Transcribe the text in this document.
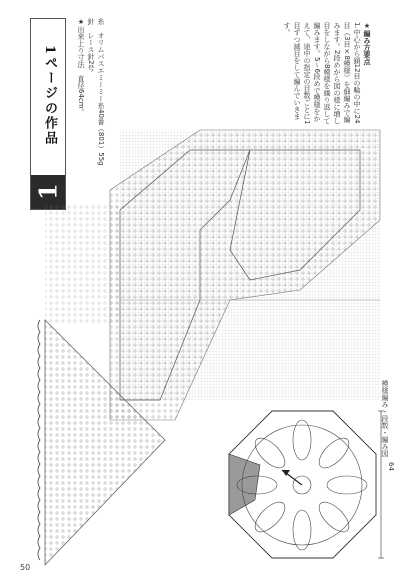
1ページの作品
1
糸　オリムパスエミーミー糸40番（801）55g
針　レース針2号
★出来上り寸法　直径64cm。	★編み方要点
1.中心から鎖12目の輪の中に24目（3目×8模様）を細編みで編みます。2段めから図の様に増し目をしながら8模様を繰り返して編みます。5〜6段めで模様をかえて、途中の指定の目数ごとに1目ずつ減目をして編んでいきます。
模様編み・段数・編み図
64
50
